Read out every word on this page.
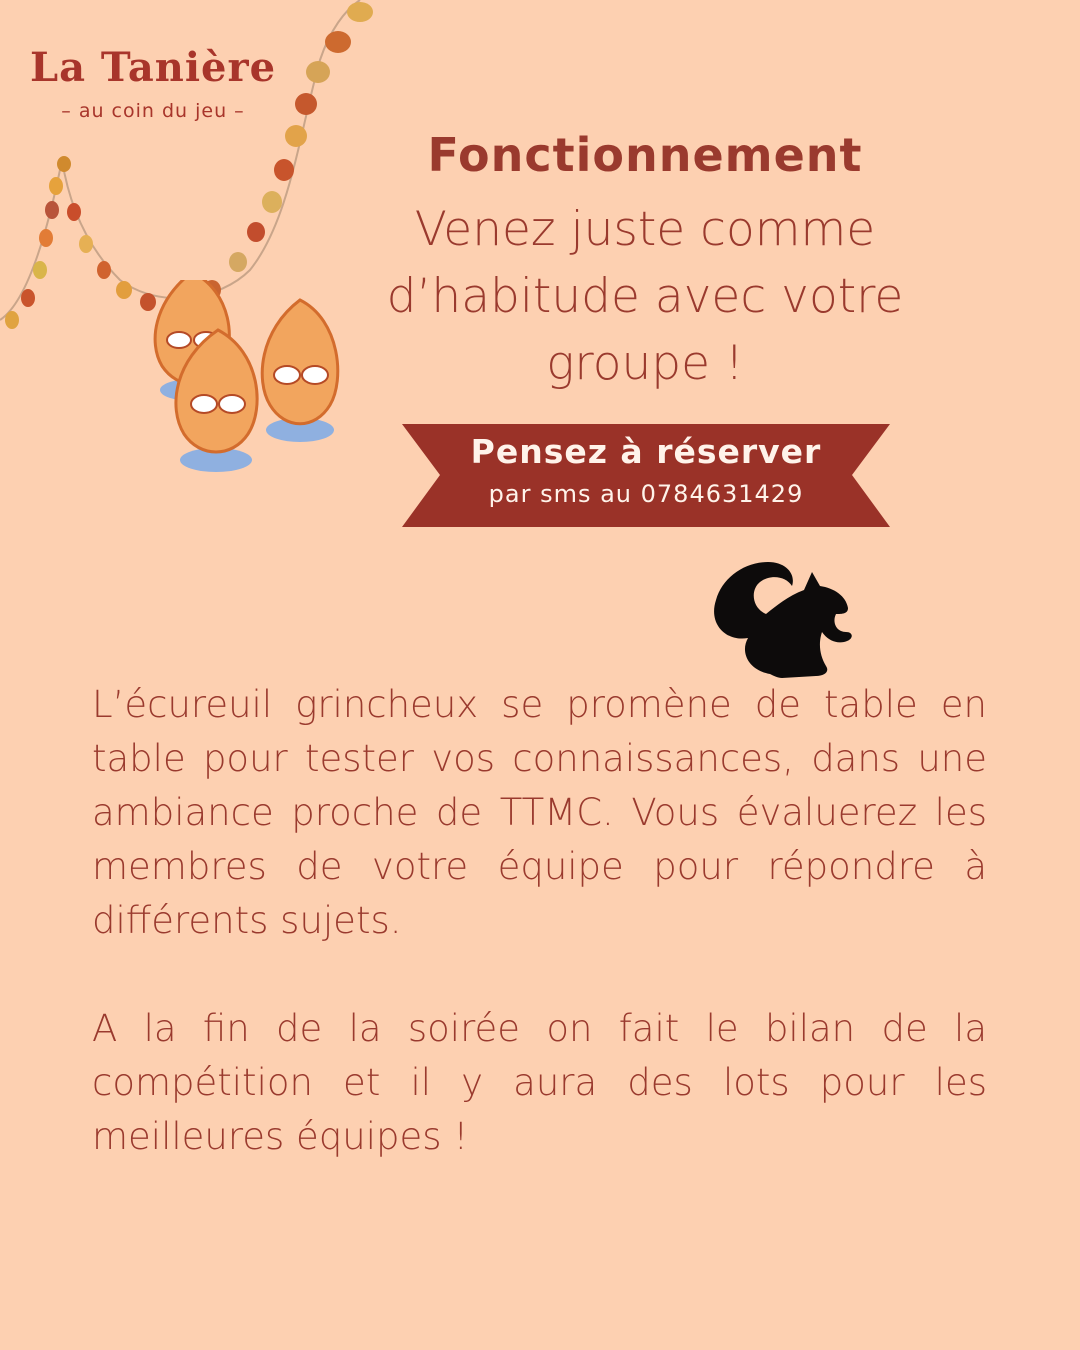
La Tanière
– au coin du jeu –
Fonctionnement
Venez juste comme d’habitude avec votre groupe !
Pensez à réserver
par sms au 0784631429

L’écureuil grincheux se promène de table en table pour tester vos connaissances, dans une ambiance proche de TTMC. Vous évaluerez les membres de votre équipe pour répondre à différents sujets.

A la fin de la soirée on fait le bilan de la compétition et il y aura des lots pour les meilleures équipes !
